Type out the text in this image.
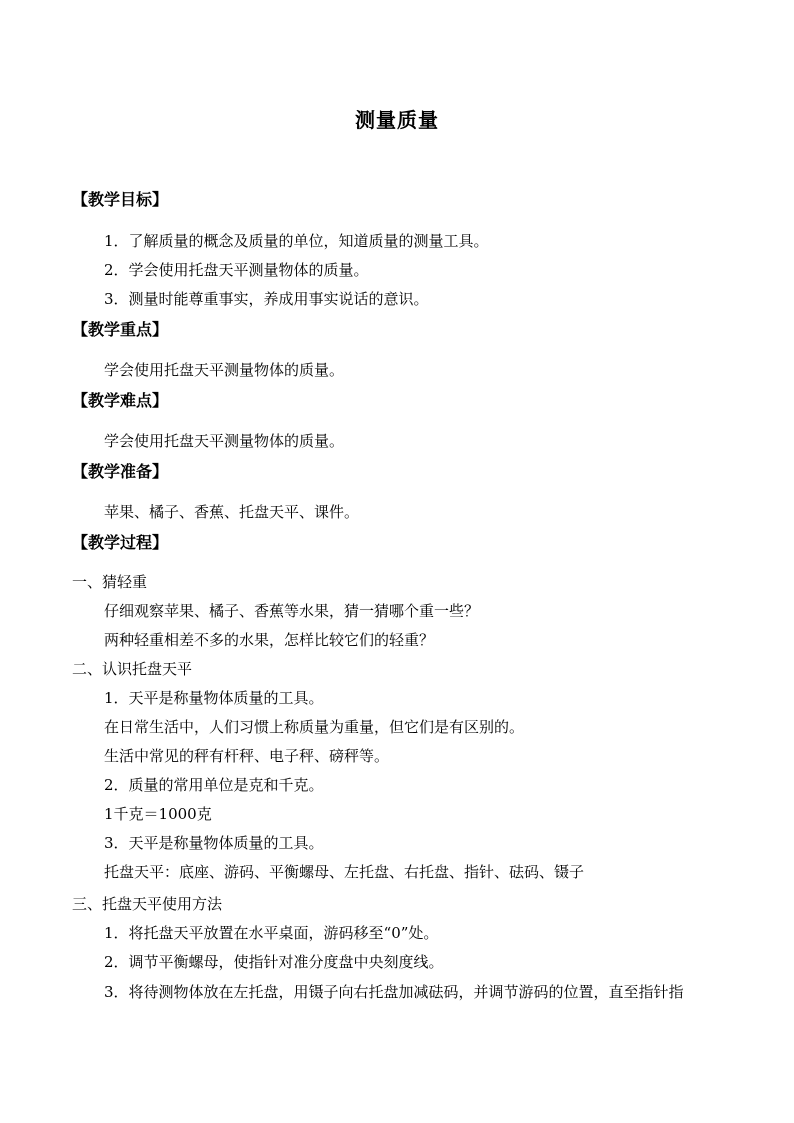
测量质量
【教学目标】
1．了解质量的概念及质量的单位，知道质量的测量工具。
2．学会使用托盘天平测量物体的质量。
3．测量时能尊重事实，养成用事实说话的意识。
【教学重点】
学会使用托盘天平测量物体的质量。
【教学难点】
学会使用托盘天平测量物体的质量。
【教学准备】
苹果、橘子、香蕉、托盘天平、课件。
【教学过程】
一、猜轻重
仔细观察苹果、橘子、香蕉等水果，猜一猜哪个重一些？
两种轻重相差不多的水果，怎样比较它们的轻重？
二、认识托盘天平
1．天平是称量物体质量的工具。
在日常生活中，人们习惯上称质量为重量，但它们是有区别的。
生活中常见的秤有杆秤、电子秤、磅秤等。
2．质量的常用单位是克和千克。
1千克＝1000克
3．天平是称量物体质量的工具。
托盘天平：底座、游码、平衡螺母、左托盘、右托盘、指针、砝码、镊子
三、托盘天平使用方法
1．将托盘天平放置在水平桌面，游码移至“0”处。
2．调节平衡螺母，使指针对准分度盘中央刻度线。
3．将待测物体放在左托盘，用镊子向右托盘加减砝码，并调节游码的位置，直至指针指
